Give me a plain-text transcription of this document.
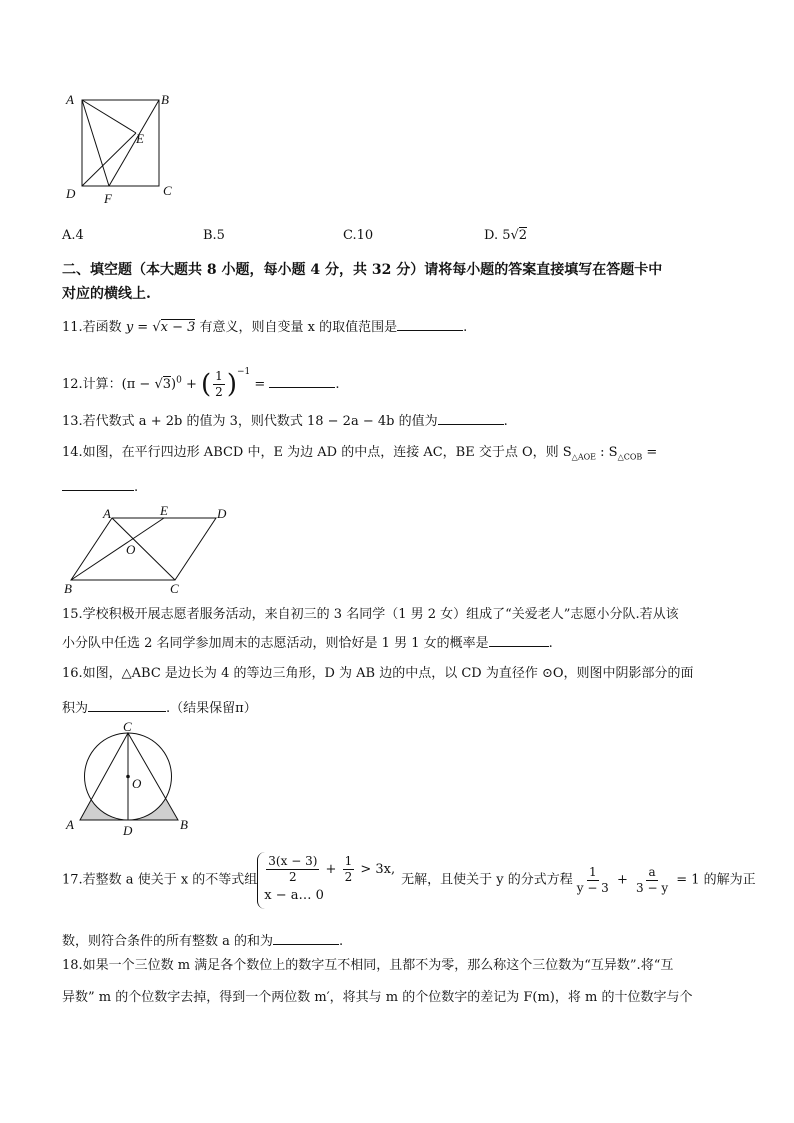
A	B
E
D F
C
A.4	B.5	C.10	D. 5√2
二、填空题（本大题共 8 小题，每小题 4 分，共 32 分）请将每小题的答案直接填写在答题卡中
对应的横线上.
11.若函数 y = √x − 3 有意义，则自变量 x 的取值范围是	.
12.计算：$(\pi - √3)^0$ + ( $\frac{1}{2} )^{-1}$ =	.
13.若代数式 a + 2b 的值为 3，则代数式 18 − 2a − 4b 的值为	.
14.如图，在平行四边形 ABCD 中，E 为边 AD 的中点，连接 AC，BE 交于点 O，则 $S_{\triangle AOE}$ : $S_{\triangle COB}$ =
.
A	E	D
O
B	C
15.学校积极开展志愿者服务活动，来自初三的 3 名同学（1 男 2 女）组成了“关爱老人”志愿小分队.若从该
小分队中任选 2 名同学参加周末的志愿活动，则恰好是 1 男 1 女的概率是	.
16.如图，△ABC 是边长为 4 的等边三角形，D 为 AB 边的中点，以 CD 为直径作 ⊙O，则图中阴影部分的面
积为	.（结果保留π）
C
O
A	D	B
17.若整数 a 使关于 x 的不等式组 $\frac{3(x - 3)}{2} + \frac{1}{2} > 3x$,
x − a… 0
无解，且使关于 y 的分式方程 $\frac{1}{y - 3} + \frac{a}{3 - y} = 1$ 的解为正
数，则符合条件的所有整数 a 的和为	.
18.如果一个三位数 m 满足各个数位上的数字互不相同，且都不为零，那么称这个三位数为“互异数”.将“互
异数” m 的个位数字去掉，得到一个两位数 m′，将其与 m 的个位数字的差记为 F(m)，将 m 的十位数字与个
